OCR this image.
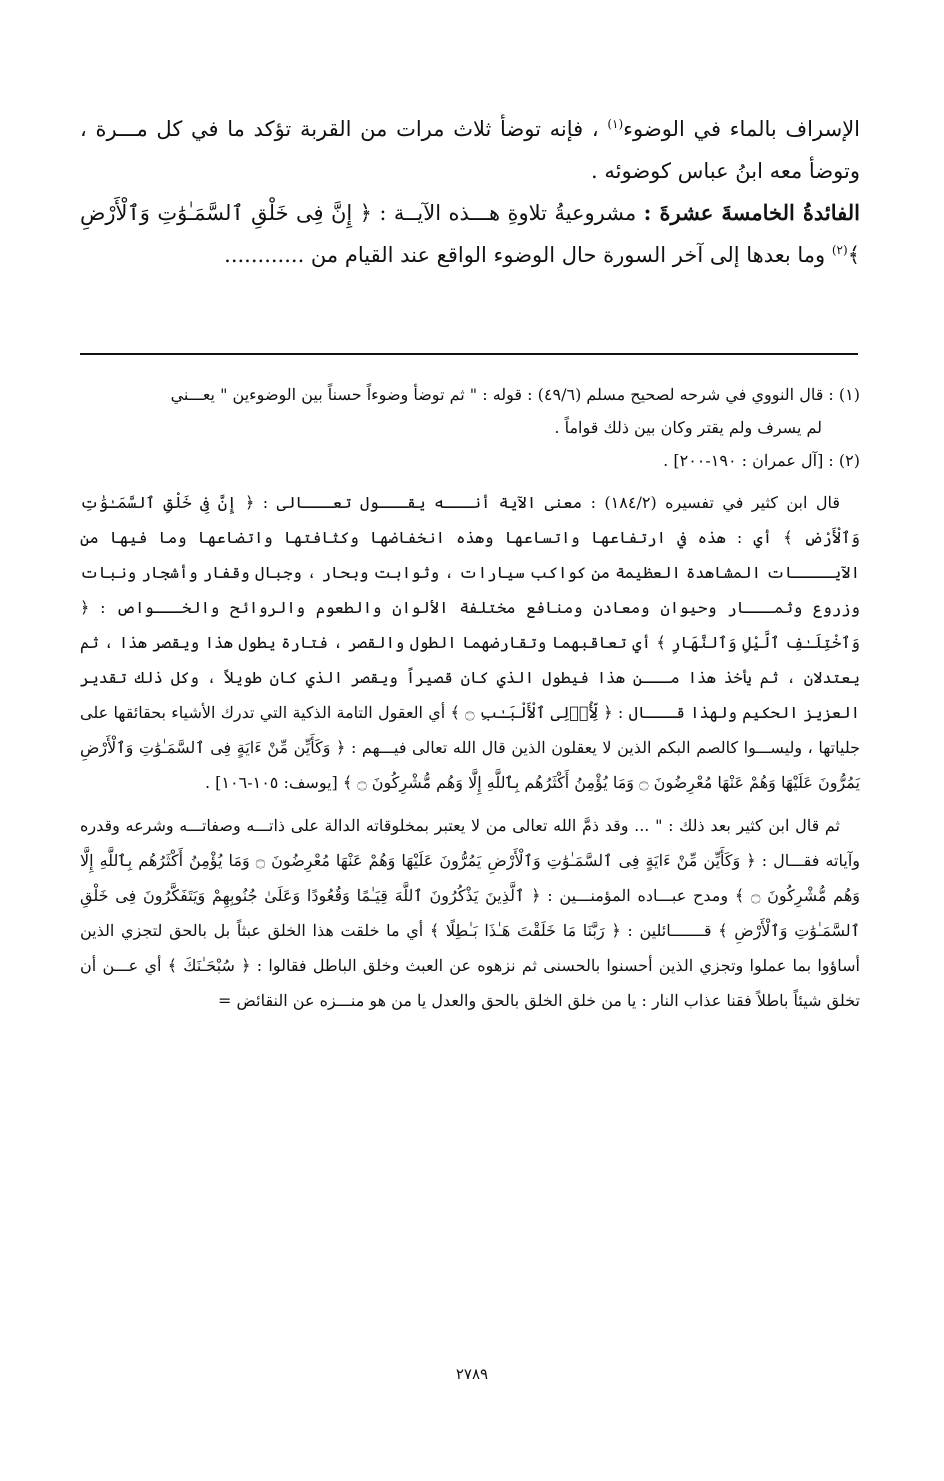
الإسراف بالماء في الوضوء$^{(١)}$ ، فإنه توضأ ثلاث مرات من القربة تؤكد ما في كل مـــرة ، وتوضأ معه ابنُ عباس كوضوئه .

الفائدةُ الخامسةَ عشرةَ : مشروعيةُ تلاوةِ هـــذه الآيــة : ﴿ إِنَّ فِى خَلْقِ ٱلسَّمَـٰوَٰتِ وَٱلْأَرْضِ ﴾$^{(٢)}$ وما بعدها إلى آخر السورة حال الوضوء الواقع عند القيام من ............

(١) : قال النووي في شرحه لصحيح مسلم (٤٩/٦) : قوله : " ثم توضأ وضوءاً حسناً بين الوضوءين " يعـــني

لم يسرف ولم يقتر وكان بين ذلك قواماً .

(٢) : [آل عمران : ١٩٠-٢٠٠] .

قال ابن كثير في تفسيره (١٨٤/٢) : معنى الآية أنـــه يقـــول تعـــالى : ﴿ إِنَّ فِى خَلْقِ ٱلسَّمَـٰوَٰتِ وَٱلْأَرْضِ ﴾ أي : هذه في ارتفاعها واتساعها وهذه انخفاضها وكثافتها واتضاعها وما فيها من الآيــــات المشاهدة العظيمة من كواكب سيارات ، وثوابت وبحار ، وجبال وقفار وأشجار ونبات وزروع وثمـــار وحيوان ومعادن ومنافع مختلفة الألوان والطعوم والروائح والخـــواص : ﴿ وَٱخْتِلَـٰفِ ٱلَّيْلِ وَٱلنَّهَارِ ﴾ أي تعاقبهما وتقارضهما الطول والقصر ، فتارة يطول هذا ويقصر هذا ، ثم يعتدلان ، ثم يأخذ هذا مـــن هذا فيطول الذي كان قصيراً ويقصر الذي كان طويلاً ، وكل ذلك تقدير العزيز الحكيم ولهذا قـــال : ﴿ لِّأُو۟لِى ٱلْأَلْبَـٰبِ ۝ ﴾ أي العقول التامة الذكية التي تدرك الأشياء بحقائقها على جلياتها ، وليســـوا كالصم البكم الذين لا يعقلون الذين قال الله تعالى فيـــهم : ﴿ وَكَأَيِّن مِّنْ ءَايَةٍ فِى ٱلسَّمَـٰوَٰتِ وَٱلْأَرْضِ يَمُرُّونَ عَلَيْهَا وَهُمْ عَنْهَا مُعْرِضُونَ ۝ وَمَا يُؤْمِنُ أَكْثَرُهُم بِٱللَّهِ إِلَّا وَهُم مُّشْرِكُونَ ۝ ﴾ [يوسف: ١٠٥-١٠٦] .

ثم قال ابن كثير بعد ذلك : " ... وقد ذمَّ الله تعالى من لا يعتبر بمخلوقاته الدالة على ذاتـــه وصفاتـــه وشرعه وقدره وآياته فقـــال : ﴿ وَكَأَيِّن مِّنْ ءَايَةٍ فِى ٱلسَّمَـٰوَٰتِ وَٱلْأَرْضِ يَمُرُّونَ عَلَيْهَا وَهُمْ عَنْهَا مُعْرِضُونَ ۝ وَمَا يُؤْمِنُ أَكْثَرُهُم بِٱللَّهِ إِلَّا وَهُم مُّشْرِكُونَ ۝ ﴾ ومدح عبـــاده المؤمنـــين : ﴿ ٱلَّذِينَ يَذْكُرُونَ ٱللَّهَ قِيَـٰمًا وَقُعُودًا وَعَلَىٰ جُنُوبِهِمْ وَيَتَفَكَّرُونَ فِى خَلْقِ ٱلسَّمَـٰوَٰتِ وَٱلْأَرْضِ ﴾ قـــــــائلين : ﴿ رَبَّنَا مَا خَلَقْتَ هَـٰذَا بَـٰطِلًا ﴾ أي ما خلقت هذا الخلق عبثاً بل بالحق لتجزي الذين أساؤوا بما عملوا وتجزي الذين أحسنوا بالحسنى ثم نزهوه عن العبث وخلق الباطل فقالوا : ﴿ سُبْحَـٰنَكَ ﴾ أي عـــن أن تخلق شيئاً باطلاً فقنا عذاب النار : يا من خلق الخلق بالحق والعدل يا من هو منـــزه عن النقائض =

٢٧٨٩
